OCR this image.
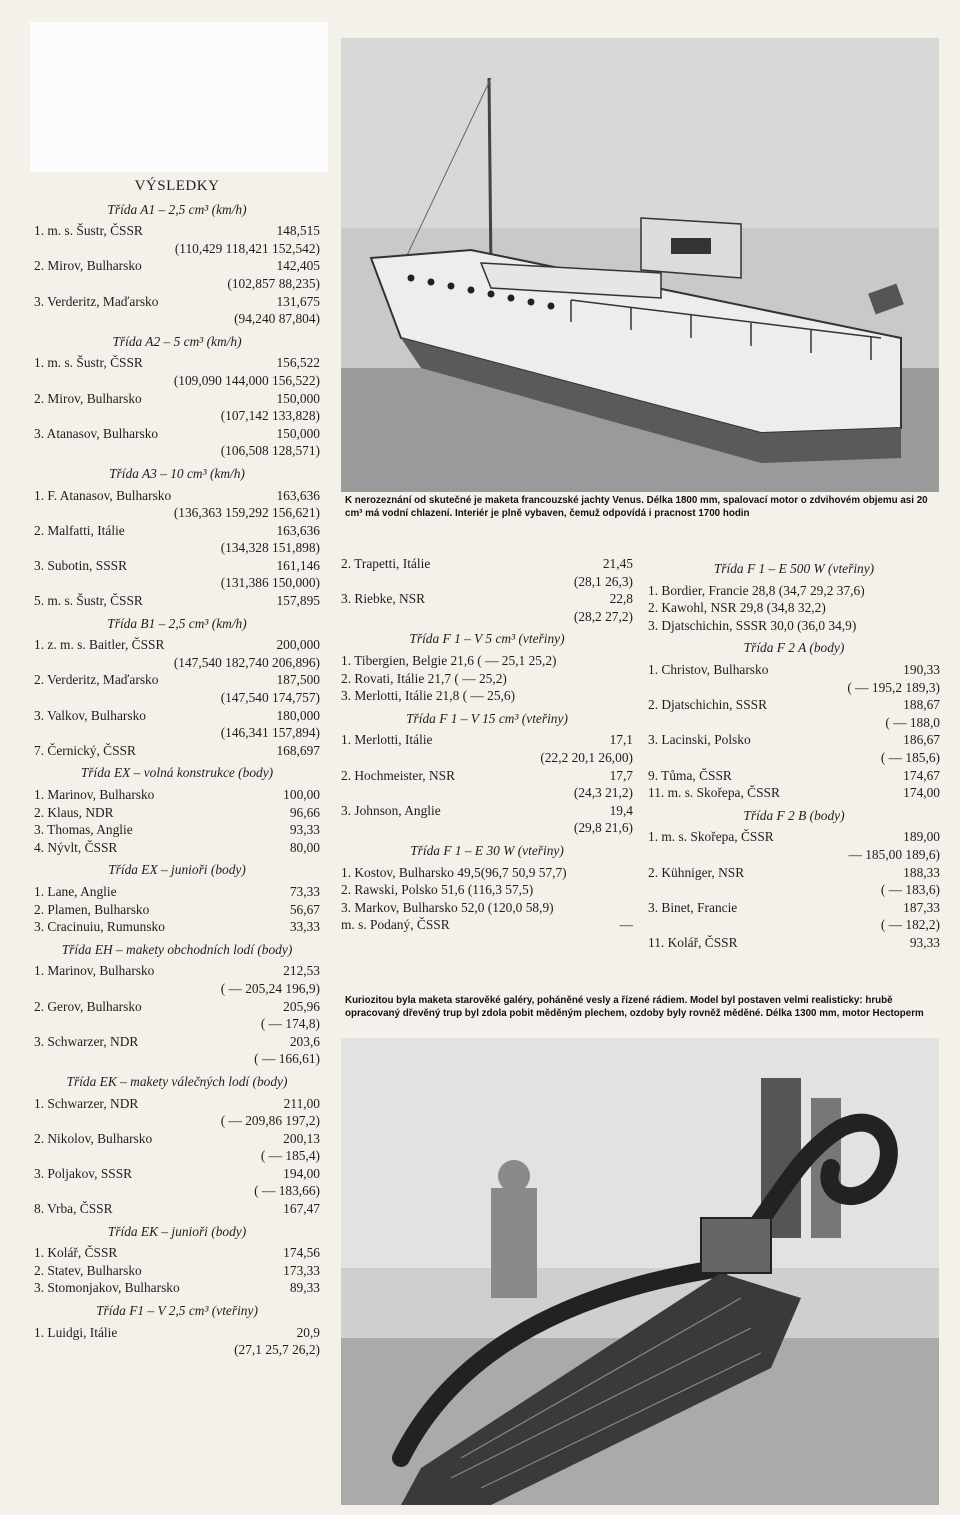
K nerozeznání od skutečné je maketa francouzské jachty Venus. Délka 1800 mm, spalovací motor o zdvihovém objemu asi 20 cm³ má vodní chlazení. Interiér je plně vybaven, čemuž odpovídá i pracnost 1700 hodin
VÝSLEDKY
Třída A1 – 2,5 cm³ (km/h)
1. m. s. Šustr, ČSSR	148,515
(110,429 118,421 152,542)
2. Mirov, Bulharsko	142,405
(102,857 88,235)
3. Verderitz, Maďarsko	131,675
(94,240 87,804)
Třída A2 – 5 cm³ (km/h)
1. m. s. Šustr, ČSSR	156,522
(109,090 144,000 156,522)
2. Mirov, Bulharsko	150,000
(107,142 133,828)
3. Atanasov, Bulharsko	150,000
(106,508 128,571)
Třída A3 – 10 cm³ (km/h)
1. F. Atanasov, Bulharsko	163,636
(136,363 159,292 156,621)
2. Malfatti, Itálie	163,636
(134,328 151,898)
3. Subotin, SSSR	161,146
(131,386 150,000)
5. m. s. Šustr, ČSSR	157,895
Třída B1 – 2,5 cm³ (km/h)
1. z. m. s. Baitler, ČSSR	200,000
(147,540 182,740 206,896)
2. Verderitz, Maďarsko	187,500
(147,540 174,757)
3. Valkov, Bulharsko	180,000
(146,341 157,894)
7. Černický, ČSSR	168,697
Třída EX – volná konstrukce (body)
1. Marinov, Bulharsko	100,00
2. Klaus, NDR	96,66
3. Thomas, Anglie	93,33
4. Nývlt, ČSSR	80,00
Třída EX – junioři (body)
1. Lane, Anglie	73,33
2. Plamen, Bulharsko	56,67
3. Cracinuiu, Rumunsko	33,33
Třída EH – makety obchodních lodí (body)
1. Marinov, Bulharsko	212,53
( — 205,24 196,9)
2. Gerov, Bulharsko	205,96
( — 174,8)
3. Schwarzer, NDR	203,6
( — 166,61)
Třída EK – makety válečných lodí (body)
1. Schwarzer, NDR	211,00
( — 209,86 197,2)
2. Nikolov, Bulharsko	200,13
( — 185,4)
3. Poljakov, SSSR	194,00
( — 183,66)
8. Vrba, ČSSR	167,47
Třída EK – junioři (body)
1. Kolář, ČSSR	174,56
2. Statev, Bulharsko	173,33
3. Stomonjakov, Bulharsko	89,33
Třída F1 – V 2,5 cm³ (vteřiny)
1. Luidgi, Itálie	20,9
(27,1 25,7 26,2)
2. Trapetti, Itálie	21,45
(28,1 26,3)
3. Riebke, NSR	22,8
(28,2 27,2)
Třída F 1 – V 5 cm³ (vteřiny)
1. Tibergien, Belgie 21,6 ( — 25,1 25,2)
2. Rovati, Itálie 21,7 ( — 25,2)
3. Merlotti, Itálie 21,8 ( — 25,6)
Třída F 1 – V 15 cm³ (vteřiny)
1. Merlotti, Itálie	17,1
(22,2 20,1 26,00)
2. Hochmeister, NSR	17,7
(24,3 21,2)
3. Johnson, Anglie	19,4
(29,8 21,6)
Třída F 1 – E 30 W (vteřiny)
1. Kostov, Bulharsko 49,5(96,7 50,9 57,7)
2. Rawski, Polsko 51,6 (116,3 57,5)
3. Markov, Bulharsko 52,0 (120,0 58,9)
m. s. Podaný, ČSSR	—
Třída F 1 – E 500 W (vteřiny)
1. Bordier, Francie 28,8 (34,7 29,2 37,6)
2. Kawohl, NSR 29,8 (34,8 32,2)
3. Djatschichin, SSSR 30,0 (36,0 34,9)
Třída F 2 A (body)
1. Christov, Bulharsko	190,33
( — 195,2 189,3)
2. Djatschichin, SSSR	188,67
( — 188,0
3. Lacinski, Polsko	186,67
( — 185,6)
9. Tůma, ČSSR	174,67
11. m. s. Skořepa, ČSSR	174,00
Třída F 2 B (body)
1. m. s. Skořepa, ČSSR	189,00
— 185,00 189,6)
2. Kühniger, NSR	188,33
( — 183,6)
3. Binet, Francie	187,33
( — 182,2)
11. Kolář, ČSSR	93,33
Kuriozitou byla maketa starověké galéry, poháněné vesly a řízené rádiem. Model byl postaven velmi realisticky: hrubě opracovaný dřevěný trup byl zdola pobit měděným plechem, ozdoby byly rovněž měděné. Délka 1300 mm, motor Hectoperm
